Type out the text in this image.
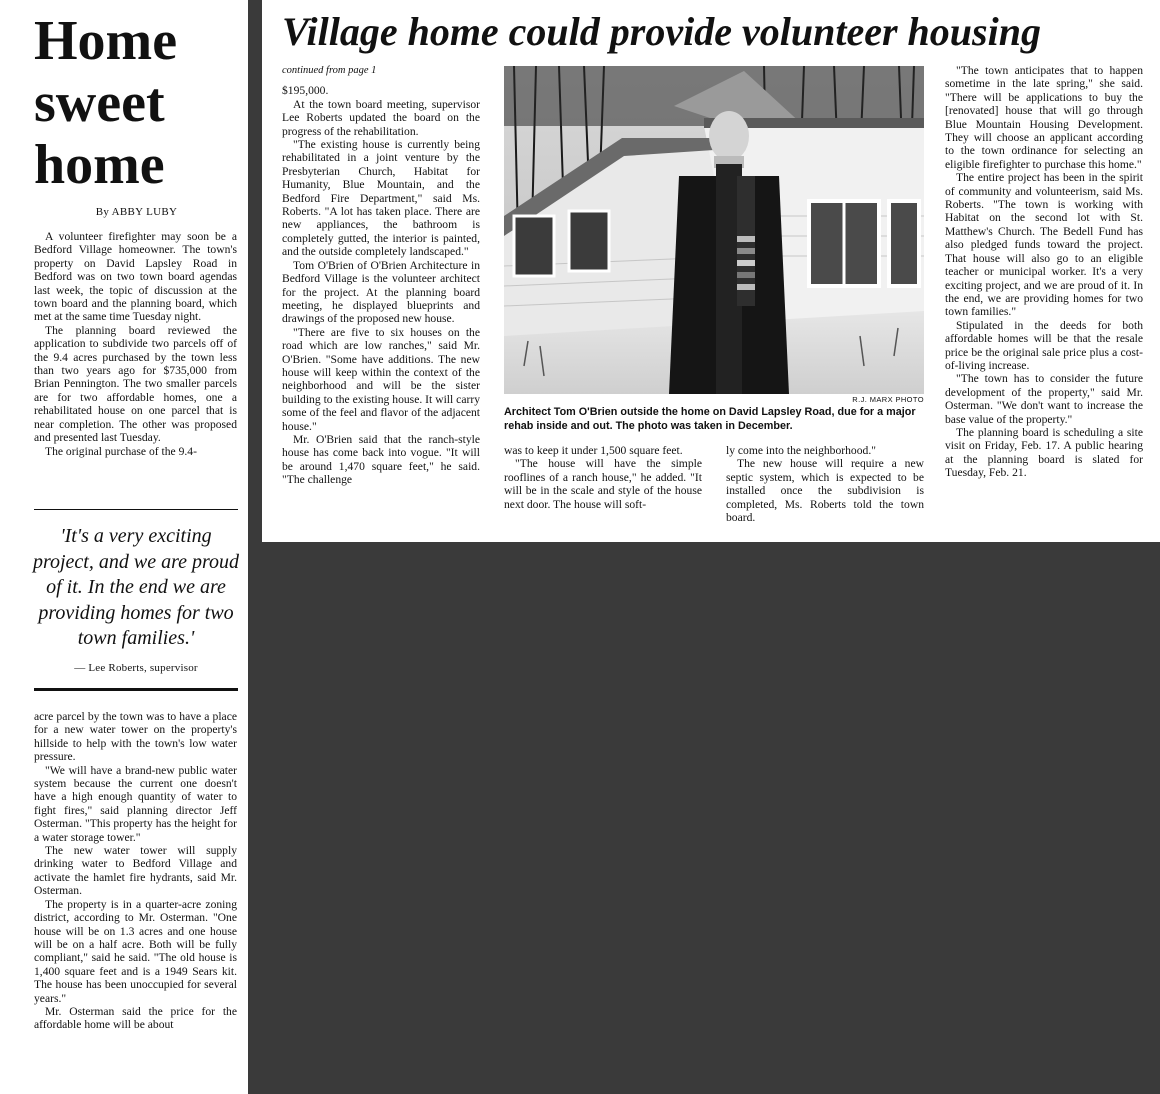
Home
sweet
home
By ABBY LUBY

A volunteer firefighter may soon be a Bedford Village homeowner. The town's property on David Lapsley Road in Bedford was on two town board agendas last week, the topic of discussion at the town board and the planning board, which met at the same time Tuesday night.

The planning board reviewed the application to subdivide two parcels off of the 9.4 acres purchased by the town less than two years ago for $735,000 from Brian Pennington. The two smaller parcels are for two affordable homes, one a rehabilitated house on one parcel that is near completion. The other was proposed and presented last Tuesday.

The original purchase of the 9.4-

'It's a very exciting project, and we are proud of it. In the end we are providing homes for two town families.'

— Lee Roberts, supervisor

acre parcel by the town was to have a place for a new water tower on the property's hillside to help with the town's low water pressure.

"We will have a brand-new public water system because the current one doesn't have a high enough quantity of water to fight fires," said planning director Jeff Osterman. "This property has the height for a water storage tower."

The new water tower will supply drinking water to Bedford Village and activate the hamlet fire hydrants, said Mr. Osterman.

The property is in a quarter-acre zoning district, according to Mr. Osterman. "One house will be on 1.3 acres and one house will be on a half acre. Both will be fully compliant," said he said. "The old house is 1,400 square feet and is a 1949 Sears kit. The house has been unoccupied for several years."

Mr. Osterman said the price for the affordable home will be about

Village home could provide volunteer housing

continued from page 1

$195,000.

At the town board meeting, supervisor Lee Roberts updated the board on the progress of the rehabilitation.

"The existing house is currently being rehabilitated in a joint venture by the Presbyterian Church, Habitat for Humanity, Blue Mountain, and the Bedford Fire Department," said Ms. Roberts. "A lot has taken place. There are new appliances, the bathroom is completely gutted, the interior is painted, and the outside completely landscaped."

Tom O'Brien of O'Brien Architecture in Bedford Village is the volunteer architect for the project. At the planning board meeting, he displayed blueprints and drawings of the proposed new house.

"There are five to six houses on the road which are low ranches," said Mr. O'Brien. "Some have additions. The new house will keep within the context of the neighborhood and will be the sister building to the existing house. It will carry some of the feel and flavor of the adjacent house."

Mr. O'Brien said that the ranch-style house has come back into vogue. "It will be around 1,470 square feet," he said. "The challenge

R.J. MARX PHOTO

Architect Tom O'Brien outside the home on David Lapsley Road, due for a major rehab inside and out. The photo was taken in December.

was to keep it under 1,500 square feet.

"The house will have the simple rooflines of a ranch house," he added. "It will be in the scale and style of the house next door. The house will soft-

ly come into the neighborhood."

The new house will require a new septic system, which is expected to be installed once the subdivision is completed, Ms. Roberts told the town board.

"The town anticipates that to happen sometime in the late spring," she said. "There will be applications to buy the [renovated] house that will go through Blue Mountain Housing Development. They will choose an applicant according to the town ordinance for selecting an eligible firefighter to purchase this home."

The entire project has been in the spirit of community and volunteerism, said Ms. Roberts. "The town is working with Habitat on the second lot with St. Matthew's Church. The Bedell Fund has also pledged funds toward the project. That house will also go to an eligible teacher or municipal worker. It's a very exciting project, and we are proud of it. In the end, we are providing homes for two town families."

Stipulated in the deeds for both affordable homes will be that the resale price be the original sale price plus a cost-of-living increase.

"The town has to consider the future development of the property," said Mr. Osterman. "We don't want to increase the base value of the property."

The planning board is scheduling a site visit on Friday, Feb. 17. A public hearing at the planning board is slated for Tuesday, Feb. 21.
